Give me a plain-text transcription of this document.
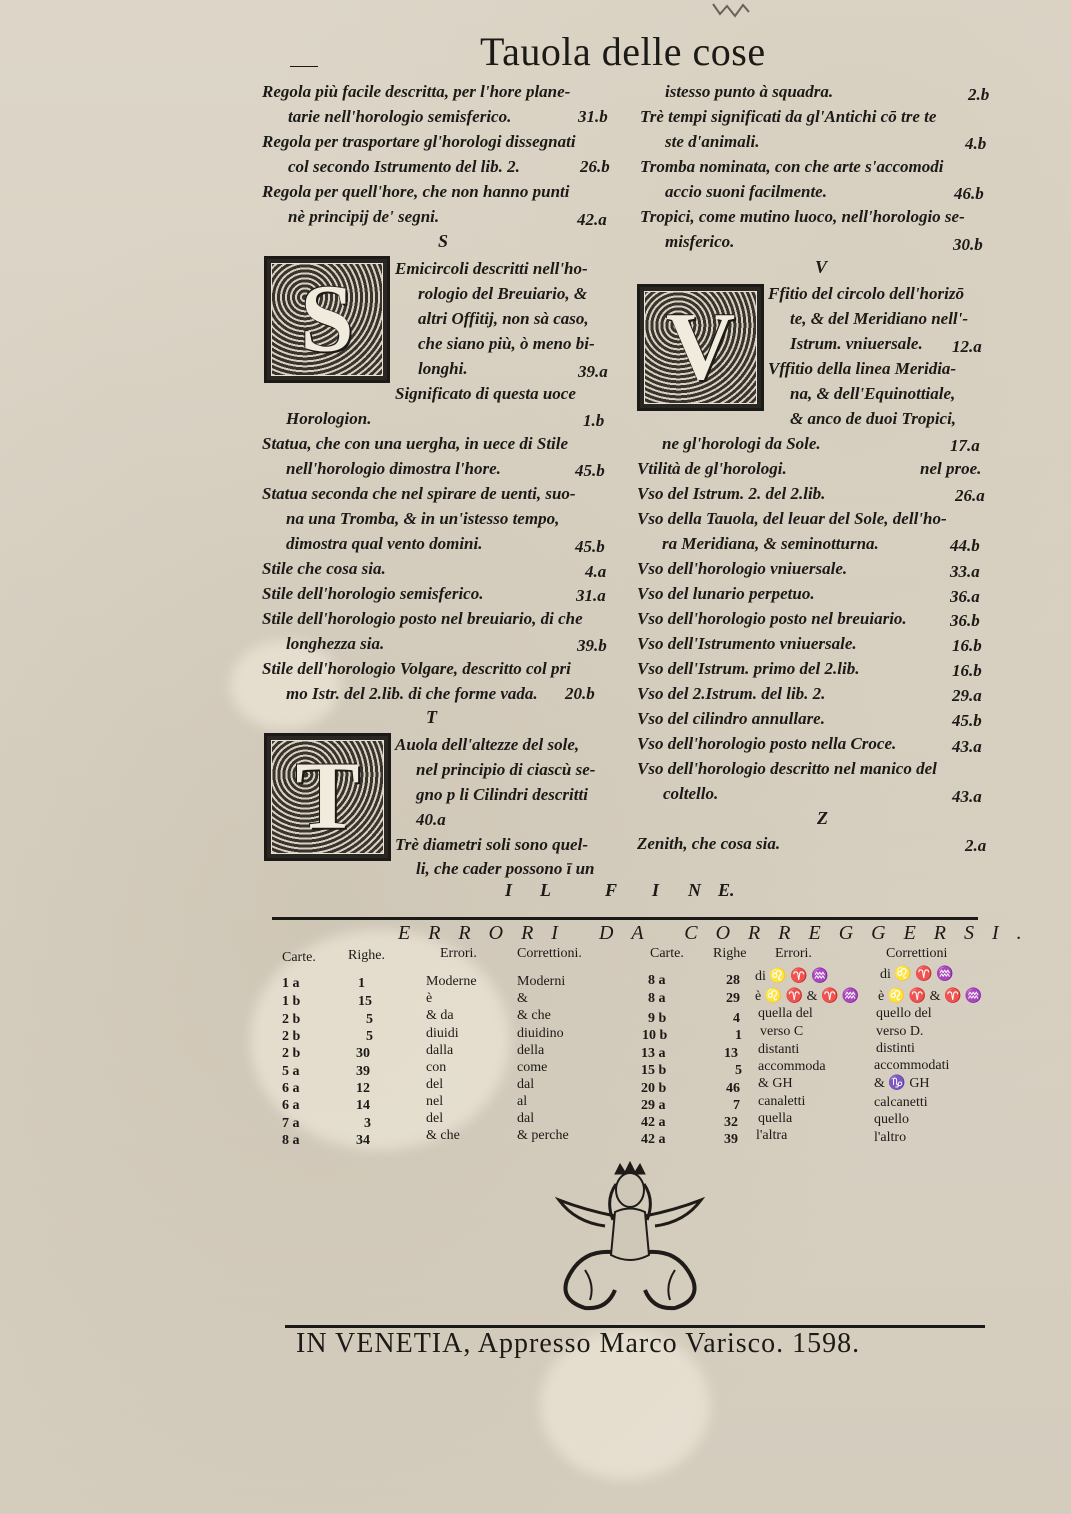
Tauola delle cose
S	V
T
Regola più facile descritta, per l'hore plane-
tarie nell'horologio semisferico.	31.b
Regola per trasportare gl'horologi dissegnati
col secondo Istrumento del lib. 2.	26.b
Regola per quell'hore, che non hanno punti
nè principij de' segni.	42.a
S
Emicircoli descritti nell'ho-
rologio del Breuiario, &
altri Offitij, non sà caso,
che siano più, ò meno bi-
longhi.	39.a
Significato di questa uoce
Horologion.	1.b
Statua, che con una uergha, in uece di Stile
nell'horologio dimostra l'hore.	45.b
Statua seconda che nel spirare de uenti, suo-
na una Tromba, & in un'istesso tempo,
dimostra qual vento domini.	45.b
Stile che cosa sia.	4.a
Stile dell'horologio semisferico.	31.a
Stile dell'horologio posto nel breuiario, di che
longhezza sia.	39.b
Stile dell'horologio Volgare, descritto col pri
mo Istr. del 2.lib. di che forme vada. 20.b
T
Auola dell'altezze del sole,
nel principio di ciascù se-
gno p li Cilindri descritti
40.a
Trè diametri soli sono quel-
li, che cader possono ī un
istesso punto à squadra.	2.b
Trè tempi significati da gl'Antichi cō tre te
ste d'animali.	4.b
Tromba nominata, con che arte s'accomodi
accio suoni facilmente.	46.b
Tropici, come mutino luoco, nell'horologio se-
misferico.	30.b
V
Ffitio del circolo dell'horizō
te, & del Meridiano nell'-
Istrum. vniuersale. 12.a
Vffitio della linea Meridia-
na, & dell'Equinottiale,
& anco de duoi Tropici,
ne gl'horologi da Sole.	17.a
Vtilità de gl'horologi.	nel proe.
Vso del Istrum. 2. del 2.lib.	26.a
Vso della Tauola, del leuar del Sole, dell'ho-
ra Meridiana, & seminotturna.	44.b
Vso dell'horologio vniuersale.	33.a
Vso del lunario perpetuo.	36.a
Vso dell'horologio posto nel breuiario.	36.b
Vso dell'Istrumento vniuersale.	16.b
Vso dell'Istrum. primo del 2.lib.	16.b
Vso del 2.Istrum. del lib. 2.	29.a
Vso del cilindro annullare.	45.b
Vso dell'horologio posto nella Croce.	43.a
Vso dell'horologio descritto nel manico del
coltello.	43.a
Z
Zenith, che cosa sia.	2.a
I L	F I N E.
ERRORI DA CORREGGERSI.
Carte. Righe.	Errori.	Correttioni.	Carte. Righe Errori.	Correttioni
1 a	1	Moderne	Moderni
1 b	15	è	&
2 b	5	& da	& che
2 b	5	diuidi	diuidino
2 b	30	dalla	della
5 a	39	con	come
6 a	12	del	dal
6 a	14	nel	al
7 a	3	del	dal
8 a	34	& che	& perche
8 a	28 di ♌ ♈ ♒	di ♌ ♈ ♒
8 a	29 è ♌ ♈ & ♈ ♒ è ♌ ♈ & ♈ ♒
9 b	4 quella del	quello del
10 b	1 verso C	verso D.
13 a	13 distanti	distinti
15 b	5 accommoda	accommodati
20 b	46 & GH	& ♑ GH
29 a	7 canaletti	calcanetti
42 a	32 quella	quello
42 a	39 l'altra	l'altro
IN VENETIA, Appresso Marco Varisco. 1598.
